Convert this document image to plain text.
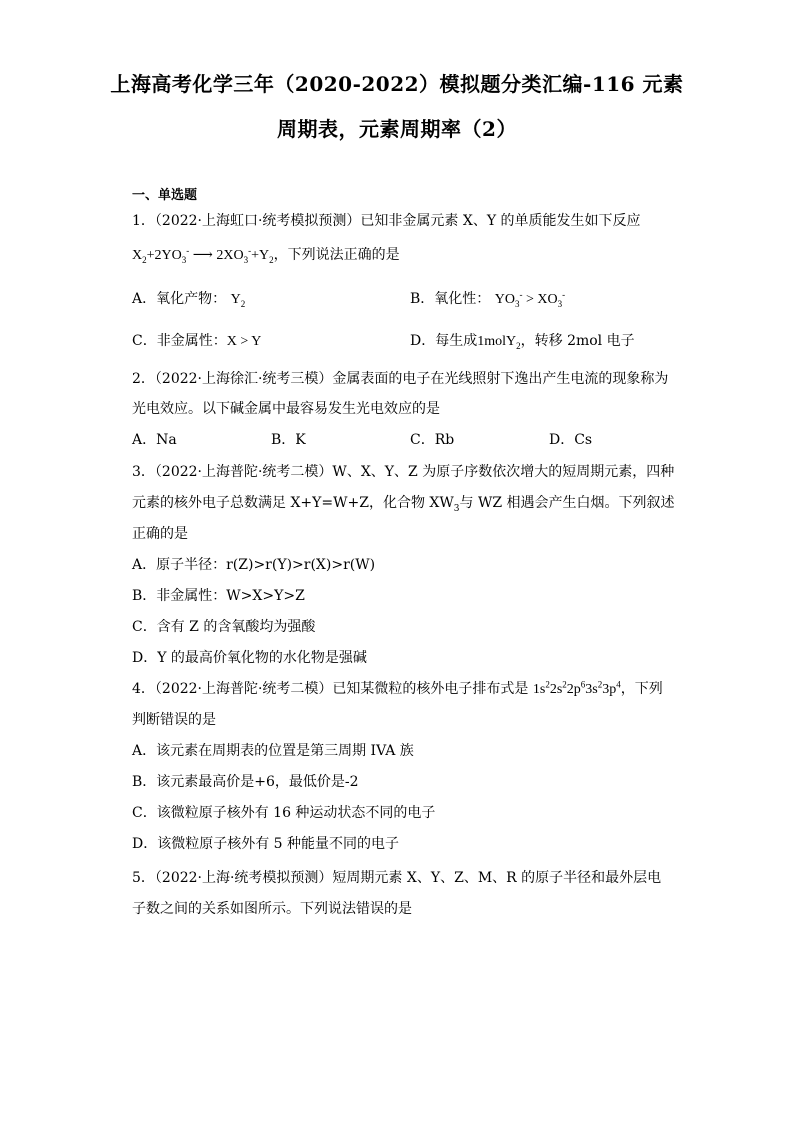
上海高考化学三年（2020-2022）模拟题分类汇编-116 元素
周期表，元素周期率（2）
一、单选题
1．（2022·上海虹口·统考模拟预测）已知非金属元素 X、Y 的单质能发生如下反应
$X_2+2YO_3^-$ ⟶ $2XO_3^-+Y_2$，下列说法正确的是
A．氧化产物： $Y_2$	B．氧化性： $YO_3^- > XO_3^-$
C．非金属性：X > Y	D．每生成1molY$_2$，转移 2mol 电子
2．（2022·上海徐汇·统考三模）金属表面的电子在光线照射下逸出产生电流的现象称为
光电效应。以下碱金属中最容易发生光电效应的是
A．Na	B．K	C．Rb	D．Cs
3．（2022·上海普陀·统考二模）W、X、Y、Z 为原子序数依次增大的短周期元素，四种
元素的核外电子总数满足 X+Y=W+Z，化合物 $XW_3$与 WZ 相遇会产生白烟。下列叙述
正确的是
A．原子半径：r(Z)>r(Y)>r(X)>r(W)
B．非金属性：W>X>Y>Z
C．含有 Z 的含氧酸均为强酸
D．Y 的最高价氧化物的水化物是强碱
4．（2022·上海普陀·统考二模）已知某微粒的核外电子排布式是 $1s^22s^22p^63s^23p^4$，下列
判断错误的是
A．该元素在周期表的位置是第三周期 IVA 族
B．该元素最高价是+6，最低价是-2
C．该微粒原子核外有 16 种运动状态不同的电子
D．该微粒原子核外有 5 种能量不同的电子
5．（2022·上海·统考模拟预测）短周期元素 X、Y、Z、M、R 的原子半径和最外层电
子数之间的关系如图所示。下列说法错误的是
